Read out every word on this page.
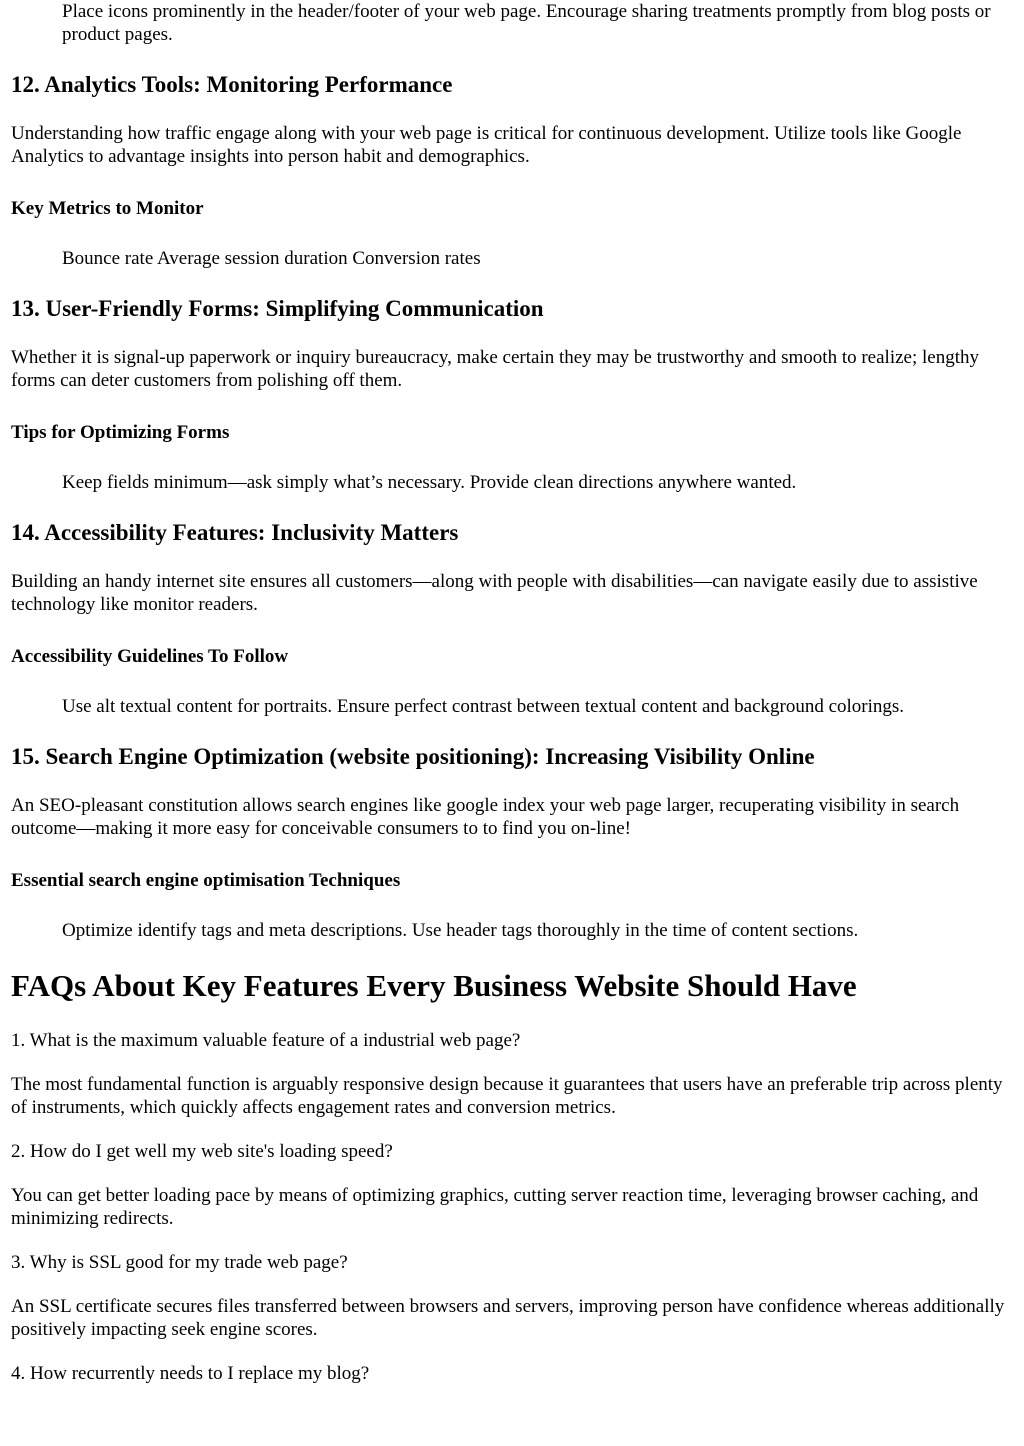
Place icons prominently in the header/footer of your web page. Encourage sharing treatments promptly from blog posts or product pages.

12. Analytics Tools: Monitoring Performance

Understanding how traffic engage along with your web page is critical for continuous development. Utilize tools like Google Analytics to advantage insights into person habit and demographics.

Key Metrics to Monitor

Bounce rate Average session duration Conversion rates

13. User-Friendly Forms: Simplifying Communication

Whether it is signal-up paperwork or inquiry bureaucracy, make certain they may be trustworthy and smooth to realize; lengthy forms can deter customers from polishing off them.

Tips for Optimizing Forms

Keep fields minimum—ask simply what’s necessary. Provide clean directions anywhere wanted.

14. Accessibility Features: Inclusivity Matters

Building an handy internet site ensures all customers—along with people with disabilities—can navigate easily due to assistive technology like monitor readers.

Accessibility Guidelines To Follow

Use alt textual content for portraits. Ensure perfect contrast between textual content and background colorings.

15. Search Engine Optimization (website positioning): Increasing Visibility Online

An SEO-pleasant constitution allows search engines like google index your web page larger, recuperating visibility in search outcome—making it more easy for conceivable consumers to to find you on-line!

Essential search engine optimisation Techniques

Optimize identify tags and meta descriptions. Use header tags thoroughly in the time of content sections.

FAQs About Key Features Every Business Website Should Have

1. What is the maximum valuable feature of a industrial web page?

The most fundamental function is arguably responsive design because it guarantees that users have an preferable trip across plenty of instruments, which quickly affects engagement rates and conversion metrics.

2. How do I get well my web site's loading speed?

You can get better loading pace by means of optimizing graphics, cutting server reaction time, leveraging browser caching, and minimizing redirects.

3. Why is SSL good for my trade web page?

An SSL certificate secures files transferred between browsers and servers, improving person have confidence whereas additionally positively impacting seek engine scores.

4. How recurrently needs to I replace my blog?
